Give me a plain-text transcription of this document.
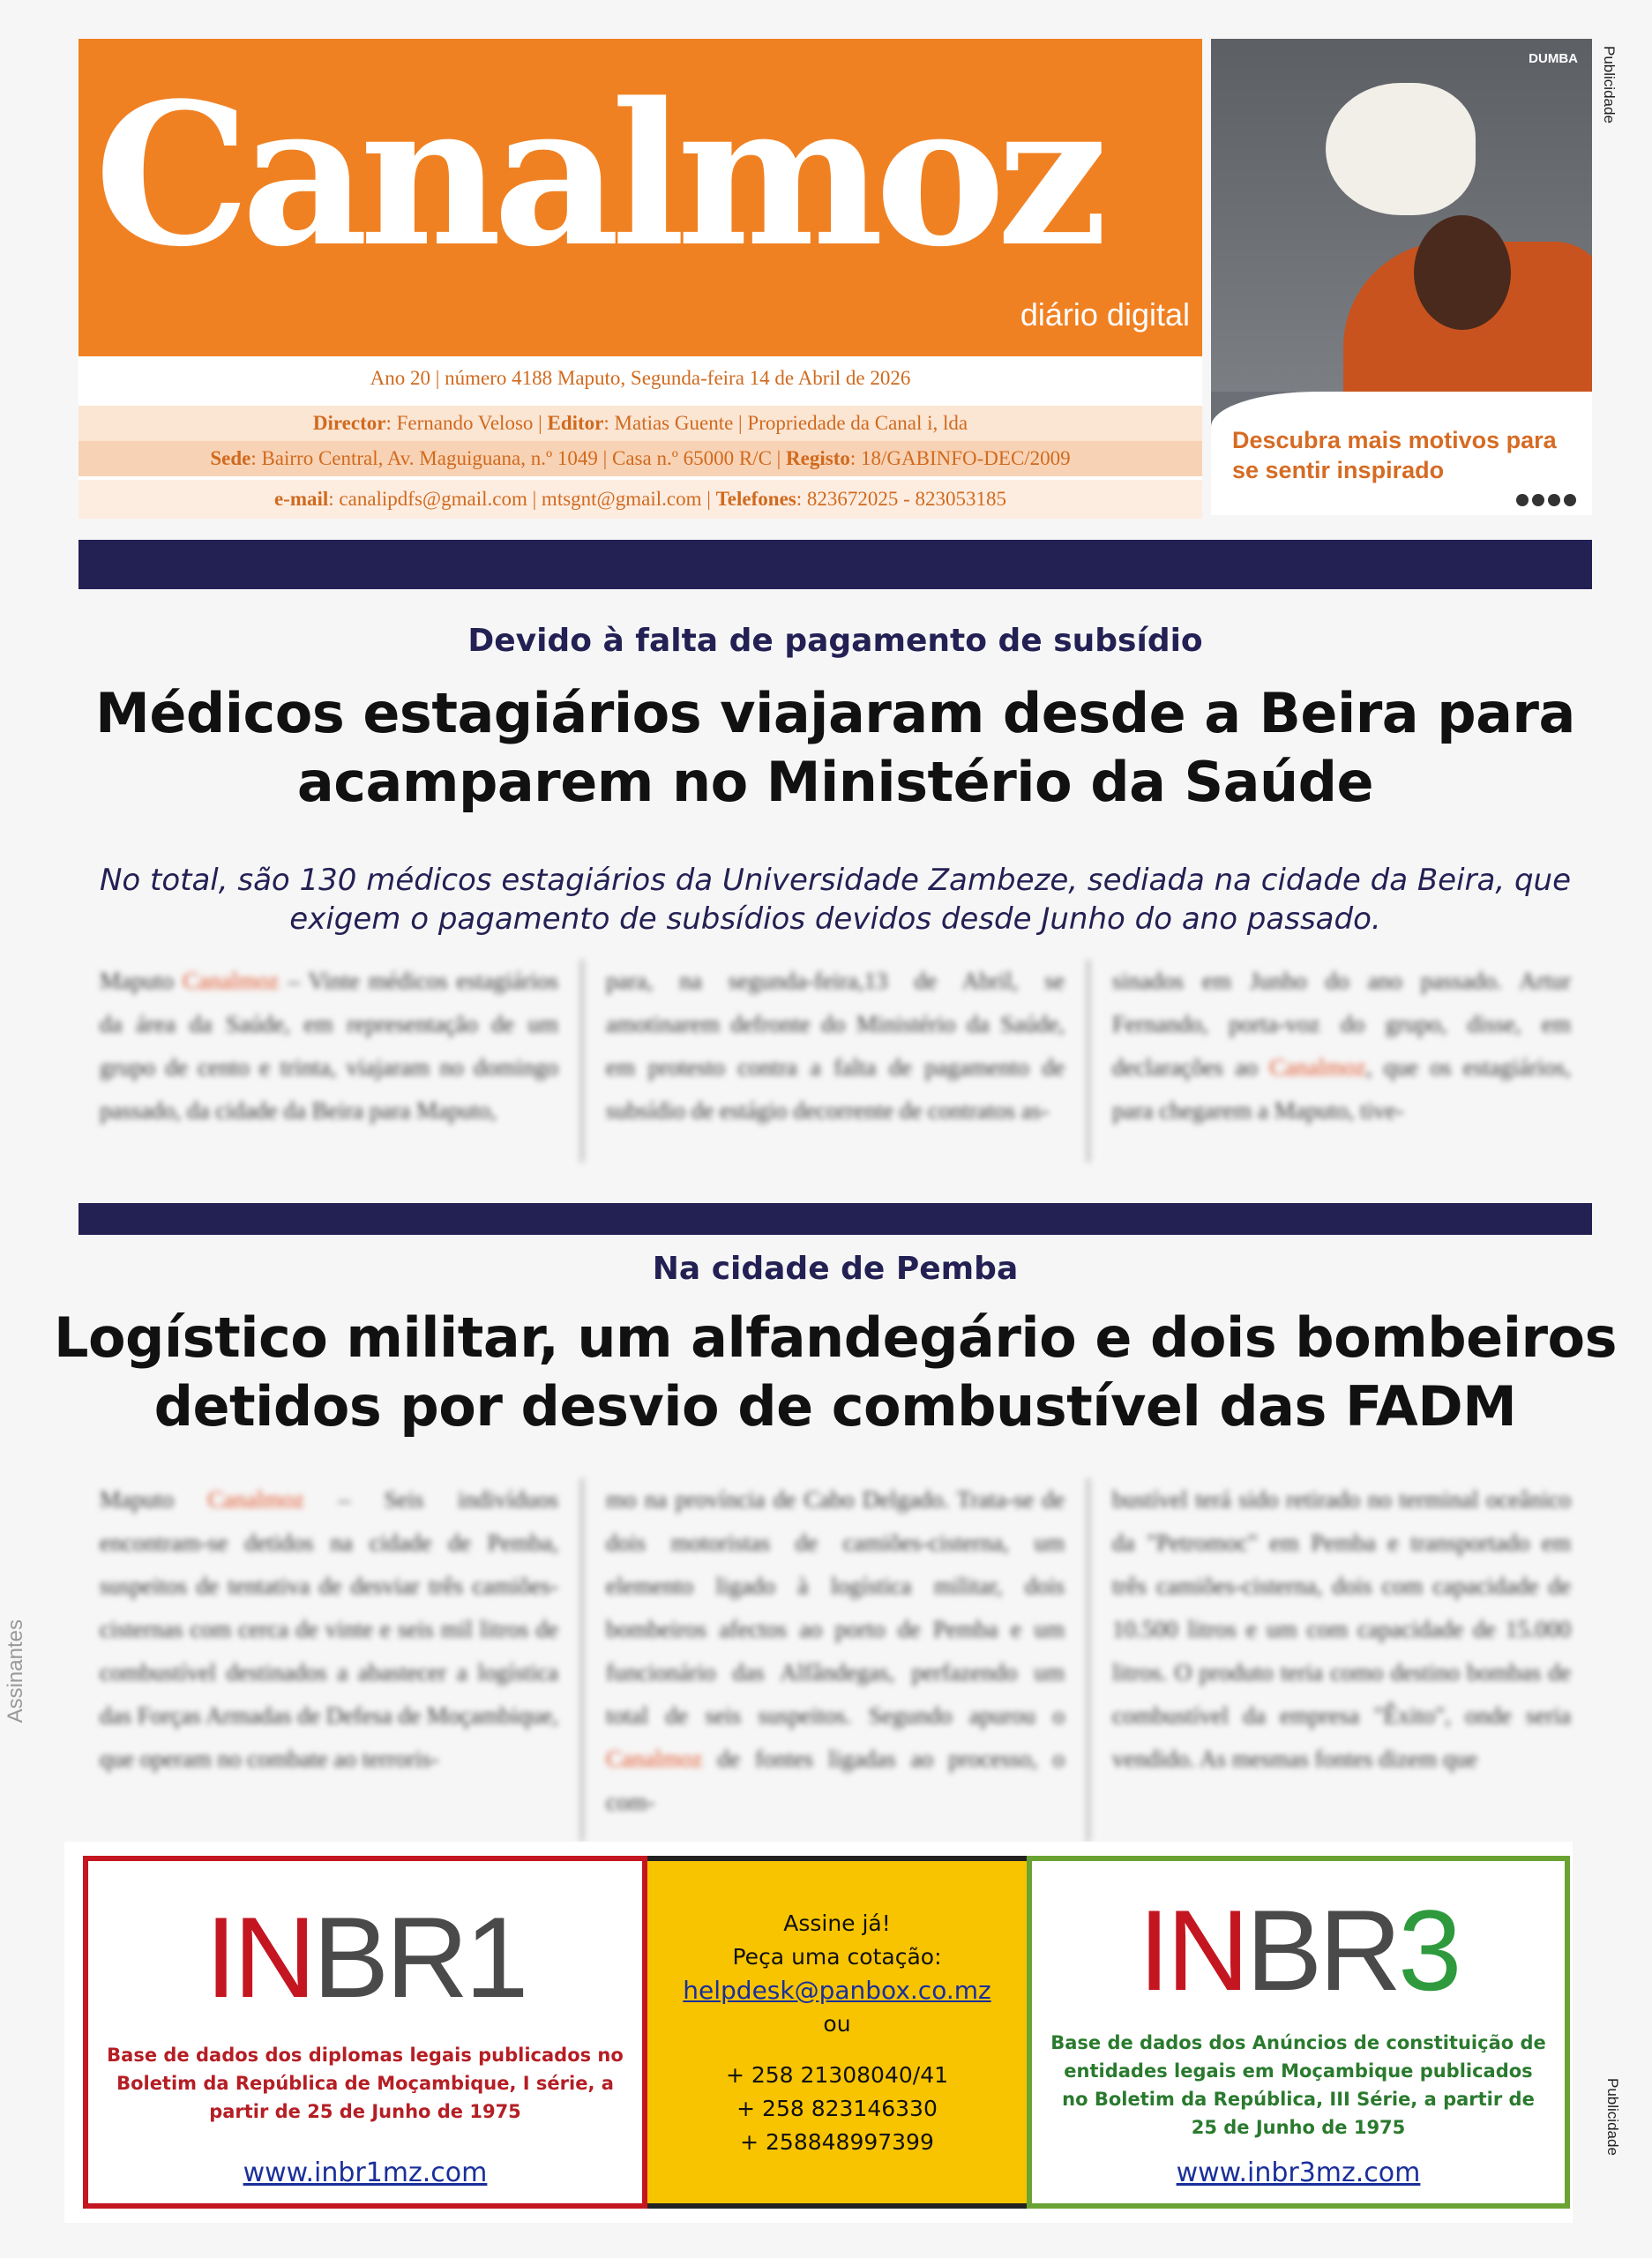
Canalmoz
diário digital
Ano 20 | número 4188 Maputo, Segunda-feira 14 de Abril de 2026
Director: Fernando Veloso | Editor: Matias Guente | Propriedade da Canal i, lda
Sede: Bairro Central, Av. Maguiguana, n.º 1049 | Casa n.º 65000 R/C | Registo: 18/GABINFO-DEC/2009
e-mail: canalipdfs@gmail.com | mtsgnt@gmail.com | Telefones: 823672025 - 823053185
DUMBA
Descubra mais motivos para se sentir inspirado
Publicidade
Devido à falta de pagamento de subsídio
Médicos estagiários viajaram desde a Beira para acamparem no Ministério da Saúde
No total, são 130 médicos estagiários da Universidade Zambeze, sediada na cidade da Beira, que exigem o pagamento de subsídios devidos desde Junho do ano passado.
Maputo Canalmoz – Vinte médicos estagiários da área da Saúde, em representação de um grupo de cento e trinta, viajaram no domingo passado, da cidade da Beira para Maputo,
para, na segunda-feira,13 de Abril, se amotinarem defronte do Ministério da Saúde, em protesto contra a falta de pagamento de subsídio de estágio decorrente de contratos as-
sinados em Junho do ano passado. Artur Fernando, porta-voz do grupo, disse, em declarações ao Canalmoz, que os estagiários, para chegarem a Maputo, tive-
Na cidade de Pemba
Logístico militar, um alfandegário e dois bombeiros detidos por desvio de combustível das FADM
Maputo Canalmoz – Seis indivíduos encontram-se detidos na cidade de Pemba, suspeitos de tentativa de desviar três camiões-cisternas com cerca de vinte e seis mil litros de combustível destinados a abastecer a logística das Forças Armadas de Defesa de Moçambique, que operam no combate ao terroris-
mo na província de Cabo Delgado. Trata-se de dois motoristas de camiões-cisterna, um elemento ligado à logística militar, dois bombeiros afectos ao porto de Pemba e um funcionário das Alfândegas, perfazendo um total de seis suspeitos. Segundo apurou o Canalmoz de fontes ligadas ao processo, o com-
bustível terá sido retirado no terminal oceânico da "Petromoc" em Pemba e transportado em três camiões-cisterna, dois com capacidade de 10.500 litros e um com capacidade de 15.000 litros. O produto teria como destino bombas de combustível da empresa "Êxito", onde seria vendido. As mesmas fontes dizem que
Assinantes
INBR1
Base de dados dos diplomas legais publicados no Boletim da República de Moçambique, I série, a partir de 25 de Junho de 1975
www.inbr1mz.com
Assine já!
Peça uma cotação:
helpdesk@panbox.co.mz
ou
+ 258 21308040/41
+ 258 823146330
+ 258848997399
INBR3
Base de dados dos Anúncios de constituição de entidades legais em Moçambique publicados no Boletim da República, III Série, a partir de 25 de Junho de 1975
www.inbr3mz.com
Publicidade
